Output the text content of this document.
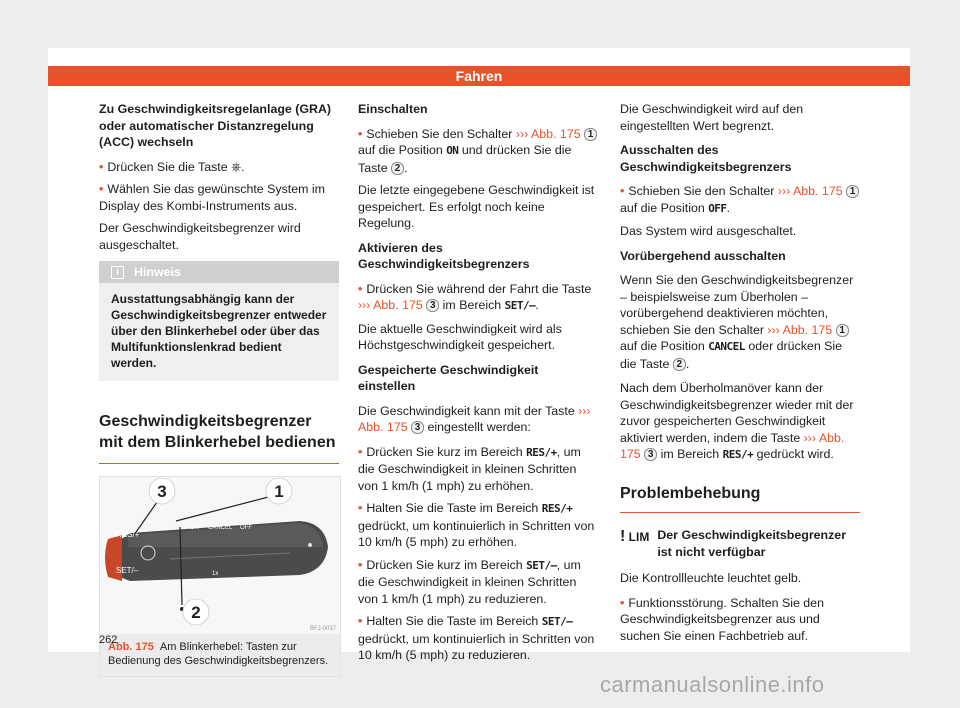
Fahren
Zu Geschwindigkeitsregelanlage (GRA) oder automatischer Distanzregelung (ACC) wechseln
• Drücken Sie die Taste ⎈.
• Wählen Sie das gewünschte System im Display des Kombi-Instruments aus.

Der Geschwindigkeitsbegrenzer wird ausgeschaltet.

i	Hinweis
Ausstattungsabhängig kann der Geschwindigkeitsbegrenzer entweder über den Blinkerhebel oder über das Multifunktionslenkrad bedient werden.
Geschwindigkeitsbegrenzer mit dem Blinkerhebel bedienen
3	1
2
RES/+
SET/–
ON CANCEL OFF
1x
BFJ-0037
Abb. 175 Am Blinkerhebel: Tasten zur Bedienung des Geschwindigkeitsbegrenzers.
Einschalten
• Schieben Sie den Schalter ››› Abb. 175 1 auf die Position ON und drücken Sie die Taste 2 .

Die letzte eingegebene Geschwindigkeit ist gespeichert. Es erfolgt noch keine Regelung.

Aktivieren des Geschwindigkeitsbegrenzers
• Drücken Sie während der Fahrt die Taste ››› Abb. 175 3 im Bereich SET/–.

Die aktuelle Geschwindigkeit wird als Höchstgeschwindigkeit gespeichert.

Gespeicherte Geschwindigkeit einstellen

Die Geschwindigkeit kann mit der Taste ››› Abb. 175 3 eingestellt werden:

• Drücken Sie kurz im Bereich RES/+, um die Geschwindigkeit in kleinen Schritten von 1 km/h (1 mph) zu erhöhen.
• Halten Sie die Taste im Bereich RES/+ gedrückt, um kontinuierlich in Schritten von 10 km/h (5 mph) zu erhöhen.
• Drücken Sie kurz im Bereich SET/–, um die Geschwindigkeit in kleinen Schritten von 1 km/h (1 mph) zu reduzieren.
• Halten Sie die Taste im Bereich SET/– gedrückt, um kontinuierlich in Schritten von 10 km/h (5 mph) zu reduzieren.

Die Geschwindigkeit wird auf den eingestellten Wert begrenzt.

Ausschalten des Geschwindigkeitsbegrenzers
• Schieben Sie den Schalter ››› Abb. 175 1 auf die Position OFF.

Das System wird ausgeschaltet.

Vorübergehend ausschalten

Wenn Sie den Geschwindigkeitsbegrenzer – beispielsweise zum Überholen – vorübergehend deaktivieren möchten, schieben Sie den Schalter ››› Abb. 175 1 auf die Position CANCEL oder drücken Sie die Taste 2 .

Nach dem Überholmanöver kann der Geschwindigkeitsbegrenzer wieder mit der zuvor gespeicherten Geschwindigkeit aktiviert werden, indem die Taste ››› Abb. 175 3 im Bereich RES/+ gedrückt wird.

Problembehebung
! LIM Der Geschwindigkeitsbegrenzer ist nicht verfügbar

Die Kontrollleuchte leuchtet gelb.

• Funktionsstörung. Schalten Sie den Geschwindigkeitsbegrenzer aus und suchen Sie einen Fachbetrieb auf.
262
carmanualsonline.info
